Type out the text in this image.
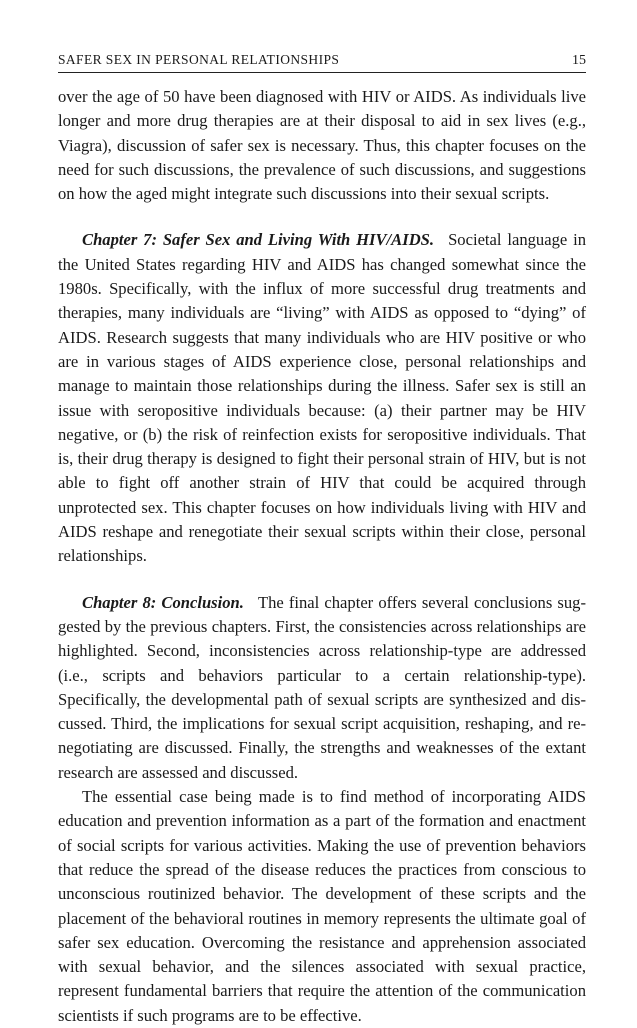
SAFER SEX IN PERSONAL RELATIONSHIPS	15

over the age of 50 have been diagnosed with HIV or AIDS. As individuals live longer and more drug therapies are at their disposal to aid in sex lives (e.g., Viagra), discussion of safer sex is necessary. Thus, this chapter focuses on the need for such discussions, the prevalence of such discussions, and suggestions on how the aged might integrate such discussions into their sexual scripts.

Chapter 7: Safer Sex and Living With HIV/AIDS. Societal language in the United States regarding HIV and AIDS has changed somewhat since the 1980s. Specifically, with the influx of more successful drug treatments and therapies, many individuals are “living” with AIDS as opposed to “dying” of AIDS. Research suggests that many individuals who are HIV positive or who are in various stages of AIDS experience close, personal relationships and manage to maintain those relationships during the illness. Safer sex is still an issue with seropositive individuals because: (a) their partner may be HIV negative, or (b) the risk of reinfection exists for seropositive individuals. That is, their drug therapy is designed to fight their personal strain of HIV, but is not able to fight off another strain of HIV that could be acquired through unprotected sex. This chapter focuses on how individuals living with HIV and AIDS reshape and renegotiate their sexual scripts within their close, personal relationships.

Chapter 8: Conclusion. The final chapter offers several conclusions suggested by the previous chapters. First, the consistencies across relationships are highlighted. Second, inconsistencies across relationship-type are addressed (i.e., scripts and behaviors particular to a certain relationship-type). Specifically, the developmental path of sexual scripts are synthesized and discussed. Third, the implications for sexual script acquisition, reshaping, and renegotiating are discussed. Finally, the strengths and weaknesses of the extant research are assessed and discussed.

The essential case being made is to find method of incorporating AIDS education and prevention information as a part of the formation and enactment of social scripts for various activities. Making the use of prevention behaviors that reduce the spread of the disease reduces the practices from conscious to unconscious routinized behavior. The development of these scripts and the placement of the behavioral routines in memory represents the ultimate goal of safer sex education. Overcoming the resistance and apprehension associated with sexual behavior, and the silences associated with sexual practice, represent fundamental barriers that require the attention of the communication scientists if such programs are to be effective.
